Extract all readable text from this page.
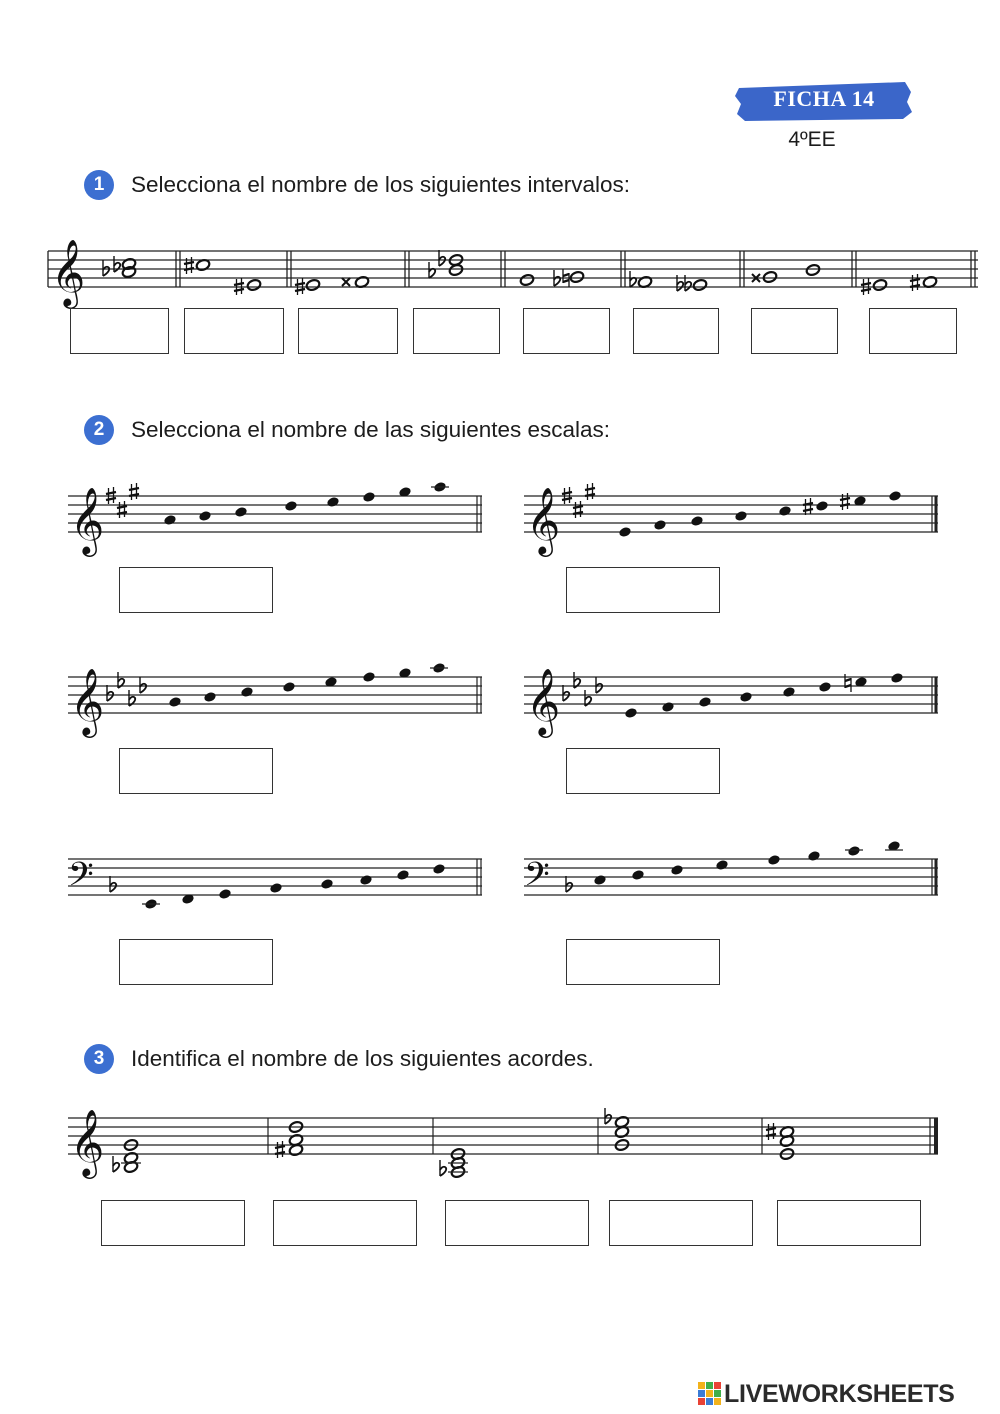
FICHA 14
4ºEE
1	Selecciona el nombre de los siguientes intervalos:
𝄞
𝄞	𝄞
𝄞	𝄞
𝄢	𝄢
𝄞
2	Selecciona el nombre de las siguientes escalas:
3	Identifica el nombre de los siguientes acordes.
LIVEWORKSHEETS
